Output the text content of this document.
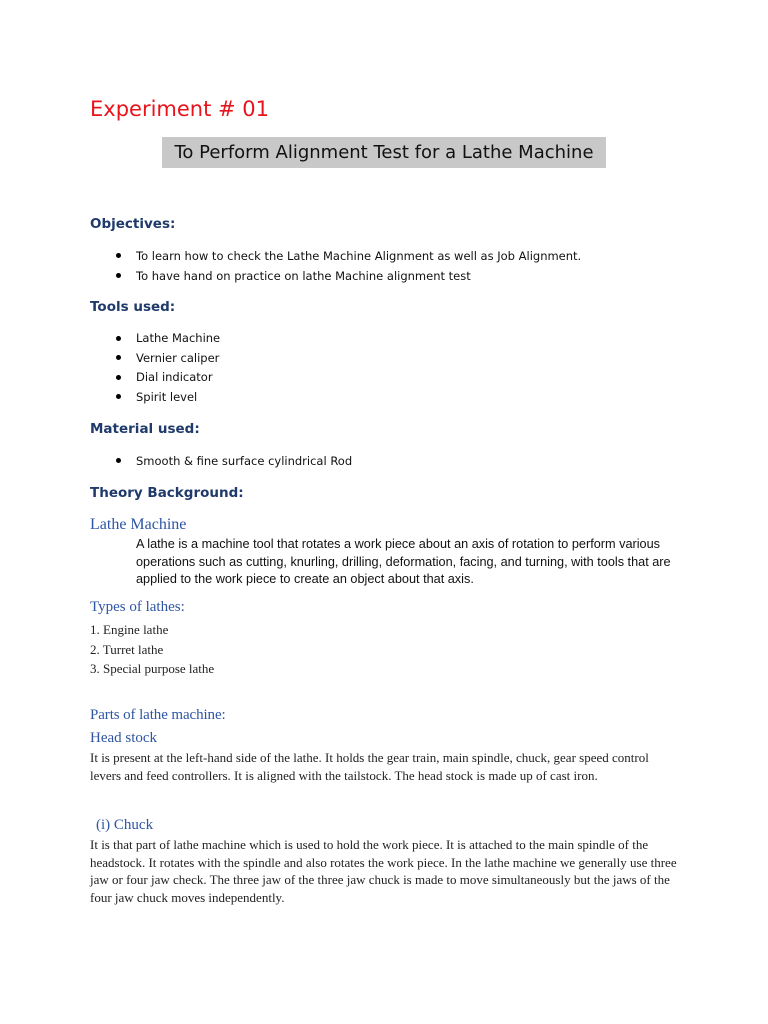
Experiment # 01
To Perform Alignment Test for a Lathe Machine
Objectives:
To learn how to check the Lathe Machine Alignment as well as Job Alignment.
To have hand on practice on lathe Machine alignment test
Tools used:
Lathe Machine
Vernier caliper
Dial indicator
Spirit level
Material used:
Smooth & fine surface cylindrical Rod
Theory Background:
Lathe Machine
A lathe is a machine tool that rotates a work piece about an axis of rotation to perform various operations such as cutting, knurling, drilling, deformation, facing, and turning, with tools that are applied to the work piece to create an object about that axis.
Types of lathes:
1. Engine lathe
2. Turret lathe
3. Special purpose lathe
Parts of lathe machine:
Head stock
It is present at the left-hand side of the lathe. It holds the gear train, main spindle, chuck, gear speed control levers and feed controllers. It is aligned with the tailstock. The head stock is made up of cast iron.
(i) Chuck
It is that part of lathe machine which is used to hold the work piece. It is attached to the main spindle of the headstock. It rotates with the spindle and also rotates the work piece. In the lathe machine we generally use three jaw or four jaw check. The three jaw of the three jaw chuck is made to move simultaneously but the jaws of the four jaw chuck moves independently.
